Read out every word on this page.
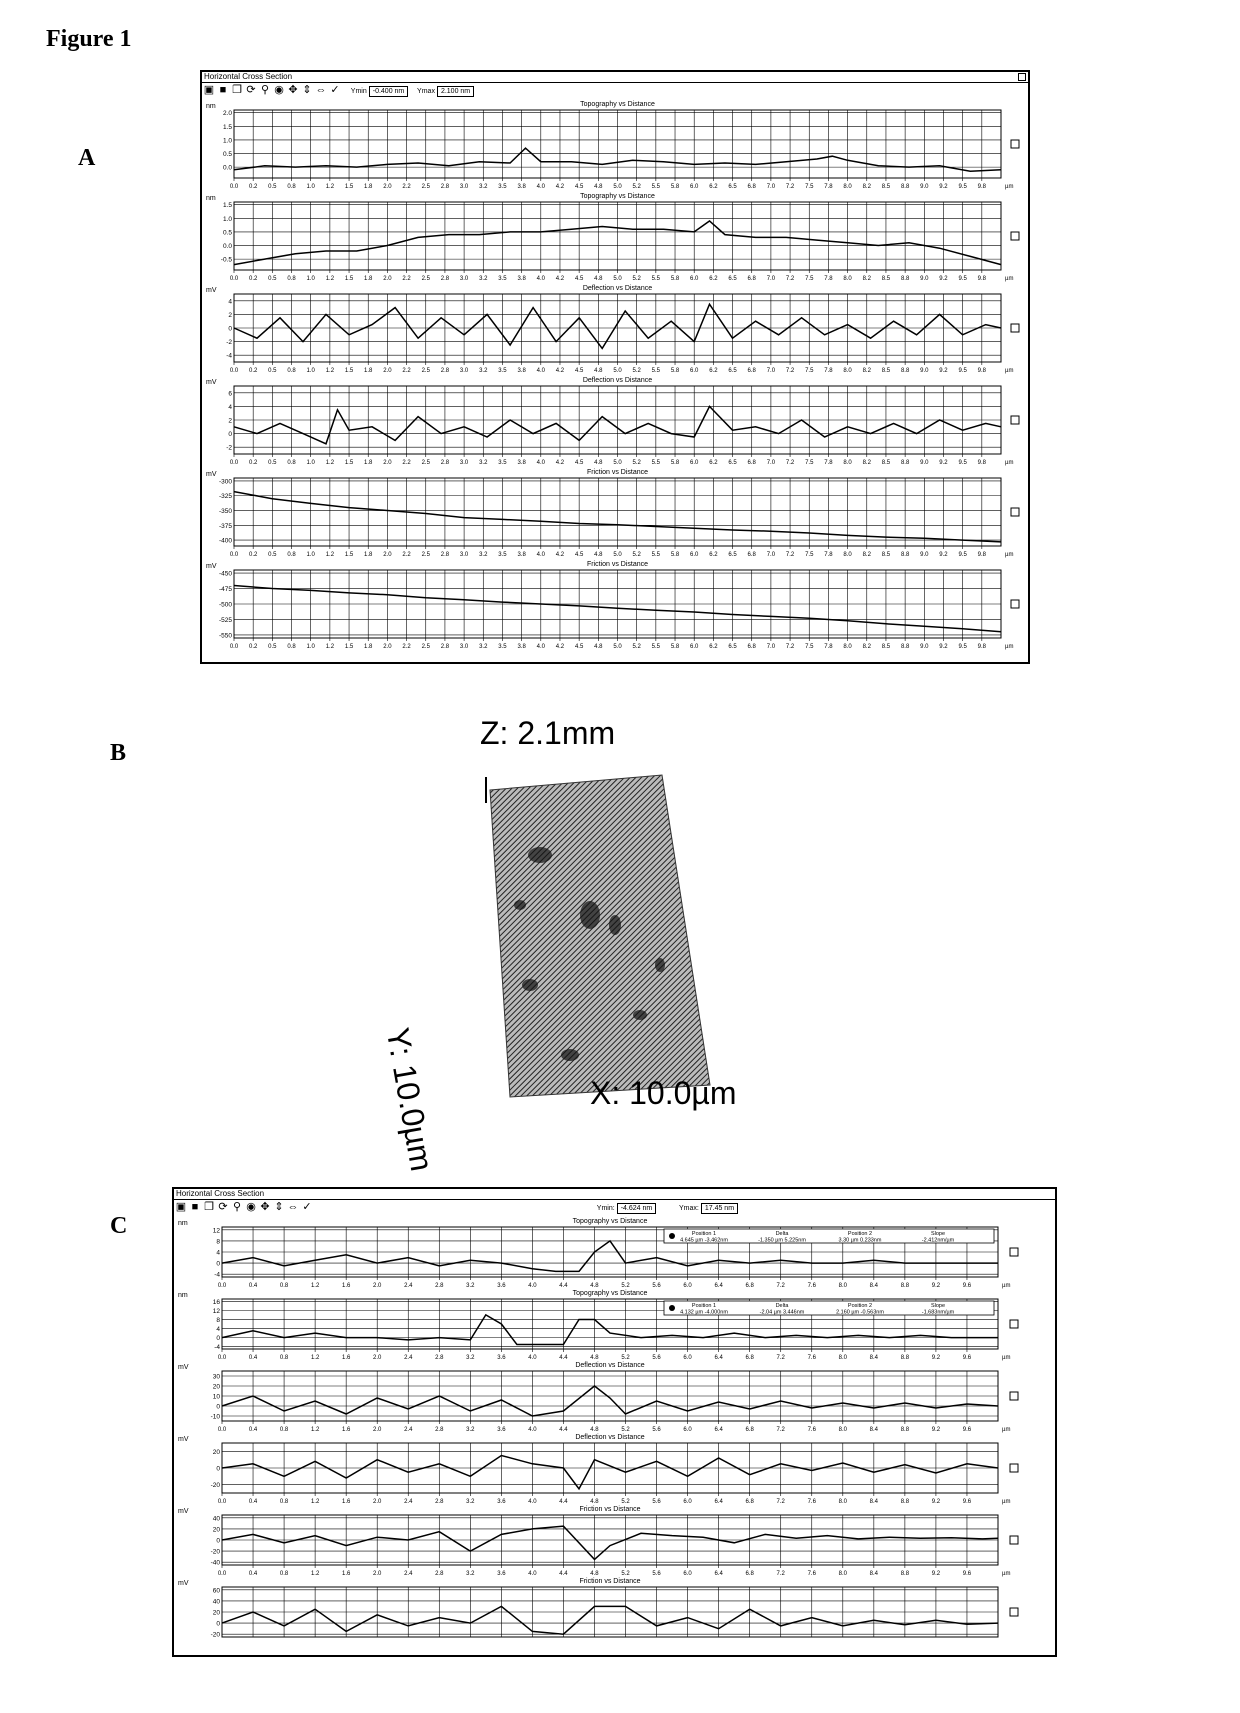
Figure 1
A
B
C
Horizontal Cross Section
▣ ■ ❐ ⟳ ⚲ ◉ ✥ ⇕ ⇔ ✓ Ymin -0.400 nm Ymax 2.100 nm
Topography vs Distance
nm
2.0
1.5
1.0
0.5
0.0
0.0 0.2 0.5 0.8 1.0 1.2 1.5 1.8 2.0 2.2 2.5 2.8 3.0 3.2 3.5 3.8 4.0 4.2 4.5 4.8 5.0 5.2 5.5 5.8 6.0 6.2 6.5 6.8 7.0 7.2 7.5 7.8 8.0 8.2 8.5 8.8 9.0 9.2 9.5 9.8	µm
Topography vs Distance
nm
1.5
1.0
0.5
0.0
-0.5
0.0 0.2 0.5 0.8 1.0 1.2 1.5 1.8 2.0 2.2 2.5 2.8 3.0 3.2 3.5 3.8 4.0 4.2 4.5 4.8 5.0 5.2 5.5 5.8 6.0 6.2 6.5 6.8 7.0 7.2 7.5 7.8 8.0 8.2 8.5 8.8 9.0 9.2 9.5 9.8	µm
Deflection vs Distance
mV
4
2
0
-2
-4
0.0 0.2 0.5 0.8 1.0 1.2 1.5 1.8 2.0 2.2 2.5 2.8 3.0 3.2 3.5 3.8 4.0 4.2 4.5 4.8 5.0 5.2 5.5 5.8 6.0 6.2 6.5 6.8 7.0 7.2 7.5 7.8 8.0 8.2 8.5 8.8 9.0 9.2 9.5 9.8	µm
Deflection vs Distance
mV
6
4
2
0
-2
0.0 0.2 0.5 0.8 1.0 1.2 1.5 1.8 2.0 2.2 2.5 2.8 3.0 3.2 3.5 3.8 4.0 4.2 4.5 4.8 5.0 5.2 5.5 5.8 6.0 6.2 6.5 6.8 7.0 7.2 7.5 7.8 8.0 8.2 8.5 8.8 9.0 9.2 9.5 9.8	µm
Friction vs Distance
mV
-300
-325
-350
-375
-400
0.0 0.2 0.5 0.8 1.0 1.2 1.5 1.8 2.0 2.2 2.5 2.8 3.0 3.2 3.5 3.8 4.0 4.2 4.5 4.8 5.0 5.2 5.5 5.8 6.0 6.2 6.5 6.8 7.0 7.2 7.5 7.8 8.0 8.2 8.5 8.8 9.0 9.2 9.5 9.8	µm
Friction vs Distance
mV
-450
-475
-500
-525
-550
0.0 0.2 0.5 0.8 1.0 1.2 1.5 1.8 2.0 2.2 2.5 2.8 3.0 3.2 3.5 3.8 4.0 4.2 4.5 4.8 5.0 5.2 5.5 5.8 6.0 6.2 6.5 6.8 7.0 7.2 7.5 7.8 8.0 8.2 8.5 8.8 9.0 9.2 9.5 9.8	µm
Z: 2.1mm
Y: 10.0µm	X: 10.0µm
Horizontal Cross Section
▣ ■ ❐ ⟳ ⚲ ◉ ✥ ⇕ ⇔ ✓	Ymin: -4.624 nm	Ymax: 17.45 nm
Topography vs Distance
nm
12
8
4
0
-4
0.0	0.4	0.8	1.2	1.6	2.0	2.4	2.8	3.2	3.6	4.0	4.4	4.8	5.2	5.6	6.0	6.4	6.8	7.2	7.6	8.0	8.4	8.8	9.2	9.6	µm
Topography vs Distance
nm
16
12
8
4
0
-4
0.0	0.4	0.8	1.2	1.6	2.0	2.4	2.8	3.2	3.6	4.0	4.4	4.8	5.2	5.6	6.0	6.4	6.8	7.2	7.6	8.0	8.4	8.8	9.2	9.6	µm
Deflection vs Distance
mV
30
20
10
0
-10
0.0	0.4	0.8	1.2	1.6	2.0	2.4	2.8	3.2	3.6	4.0	4.4	4.8	5.2	5.6	6.0	6.4	6.8	7.2	7.6	8.0	8.4	8.8	9.2	9.6	µm
Deflection vs Distance
mV
20
0
-20
0.0	0.4	0.8	1.2	1.6	2.0	2.4	2.8	3.2	3.6	4.0	4.4	4.8	5.2	5.6	6.0	6.4	6.8	7.2	7.6	8.0	8.4	8.8	9.2	9.6	µm
Friction vs Distance
mV
40
20
0
-20
-40
0.0	0.4	0.8	1.2	1.6	2.0	2.4	2.8	3.2	3.6	4.0	4.4	4.8	5.2	5.6	6.0	6.4	6.8	7.2	7.6	8.0	8.4	8.8	9.2	9.6	µm
Friction vs Distance
mV
60
40
20
0
-20
Position 1
4.645 µm -3.462nm
Delta
-1.350 µm 5.225nm
Position 2
3.30 µm 0.233nm
Slope
-2.412nm/µm
Position 1
4.132 µm -4.000nm
Delta
-2.04 µm 3.446nm
Position 2
2.160 µm -0.563nm
Slope
-1.683nm/µm
